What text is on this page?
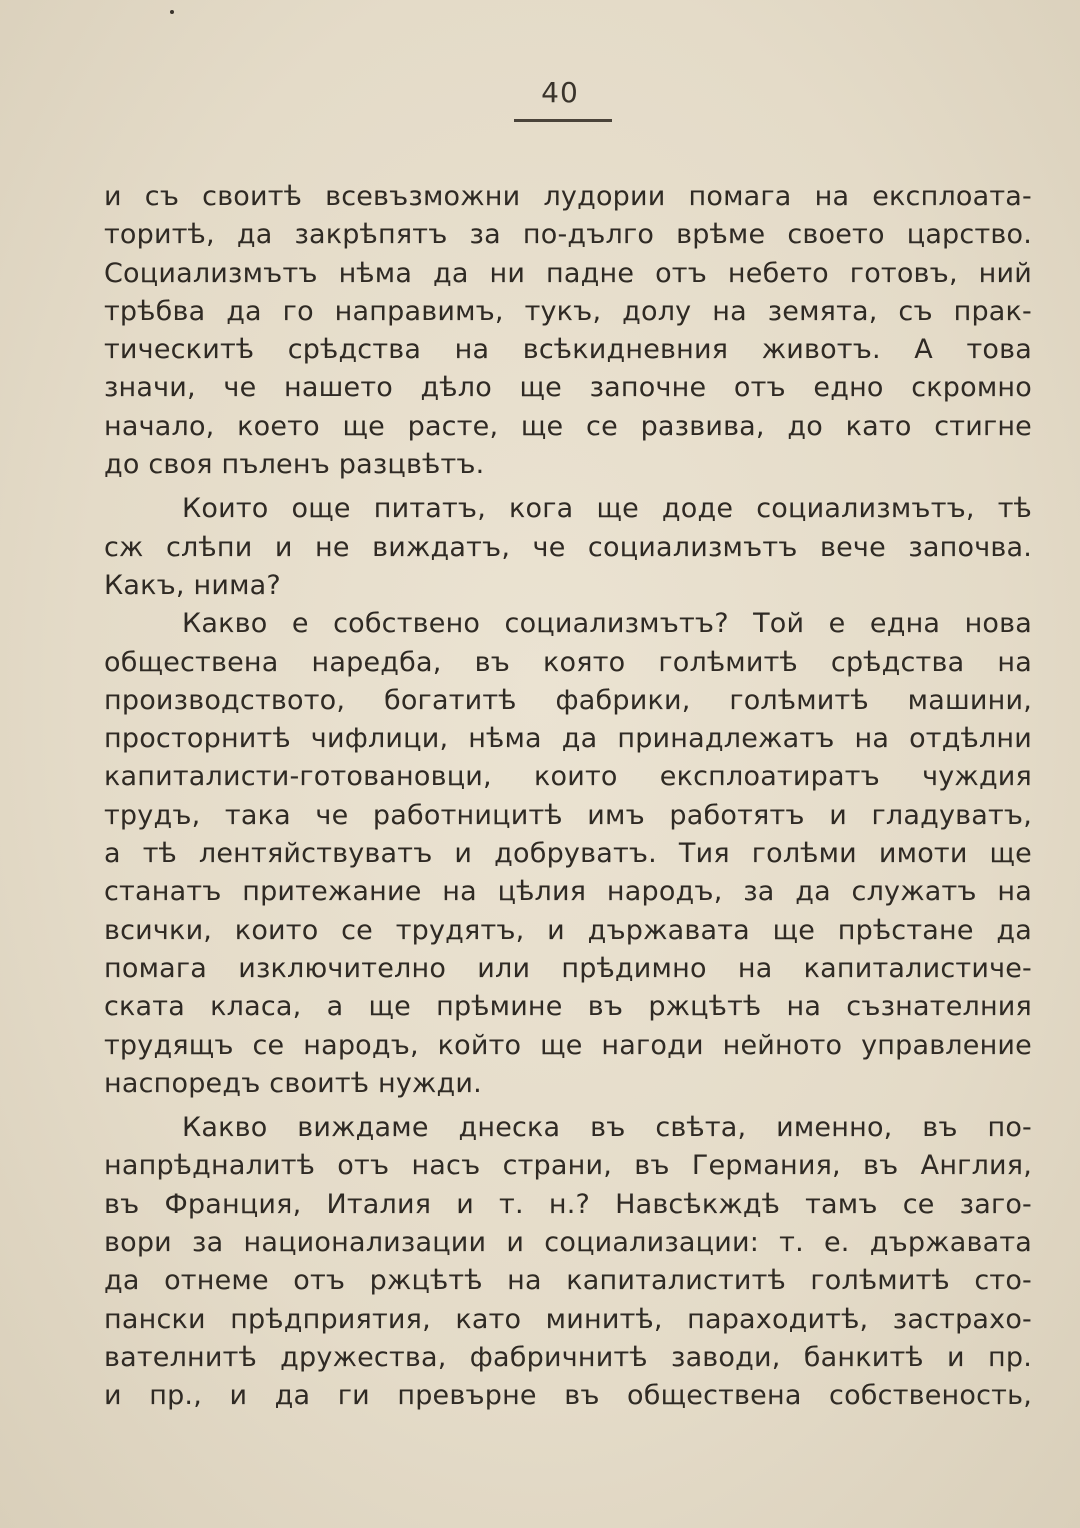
40
и съ своитѣ всевъзможни лудории помага на експлоата-
торитѣ, да закрѣпятъ за по-дълго врѣме своето царство.
Социализмътъ нѣма да ни падне отъ небето готовъ, ний
трѣбва да го направимъ, тукъ, долу на земята, съ прак-
тическитѣ срѣдства на всѣкидневния животъ. А това
значи, че нашето дѣло ще започне отъ едно скромно
начало, което ще расте, ще се развива, до като стигне
до своя пъленъ разцвѣтъ.
Които още питатъ, кога ще доде социализмътъ, тѣ
сж слѣпи и не виждатъ, че социализмътъ вече започва.
Какъ, нима?
Какво е собствено социализмътъ? Той е една нова
обществена наредба, въ която голѣмитѣ срѣдства на
производството, богатитѣ фабрики, голѣмитѣ машини,
просторнитѣ чифлици, нѣма да принадлежатъ на отдѣлни
капиталисти-готовановци, които експлоатиратъ чуждия
трудъ, така че работницитѣ имъ работятъ и гладуватъ,
а тѣ лентяйствуватъ и добруватъ. Тия голѣми имоти ще
станатъ притежание на цѣлия народъ, за да служатъ на
всички, които се трудятъ, и държавата ще прѣстане да
помага изключително или прѣдимно на капиталистиче-
ската класа, а ще прѣмине въ ржцѣтѣ на съзнателния
трудящъ се народъ, който ще нагоди нейното управление
наспоредъ своитѣ нужди.
Какво виждаме днеска въ свѣта, именно, въ по-
напрѣдналитѣ отъ насъ страни, въ Германия, въ Англия,
въ Франция, Италия и т. н.? Навсѣкждѣ тамъ се заго-
вори за национализации и социализации: т. е. държавата
да отнеме отъ ржцѣтѣ на капиталиститѣ голѣмитѣ сто-
пански прѣдприятия, като минитѣ, параходитѣ, застрахо-
вателнитѣ дружества, фабричнитѣ заводи, банкитѣ и пр.
и пр., и да ги превърне въ обществена собственость,
